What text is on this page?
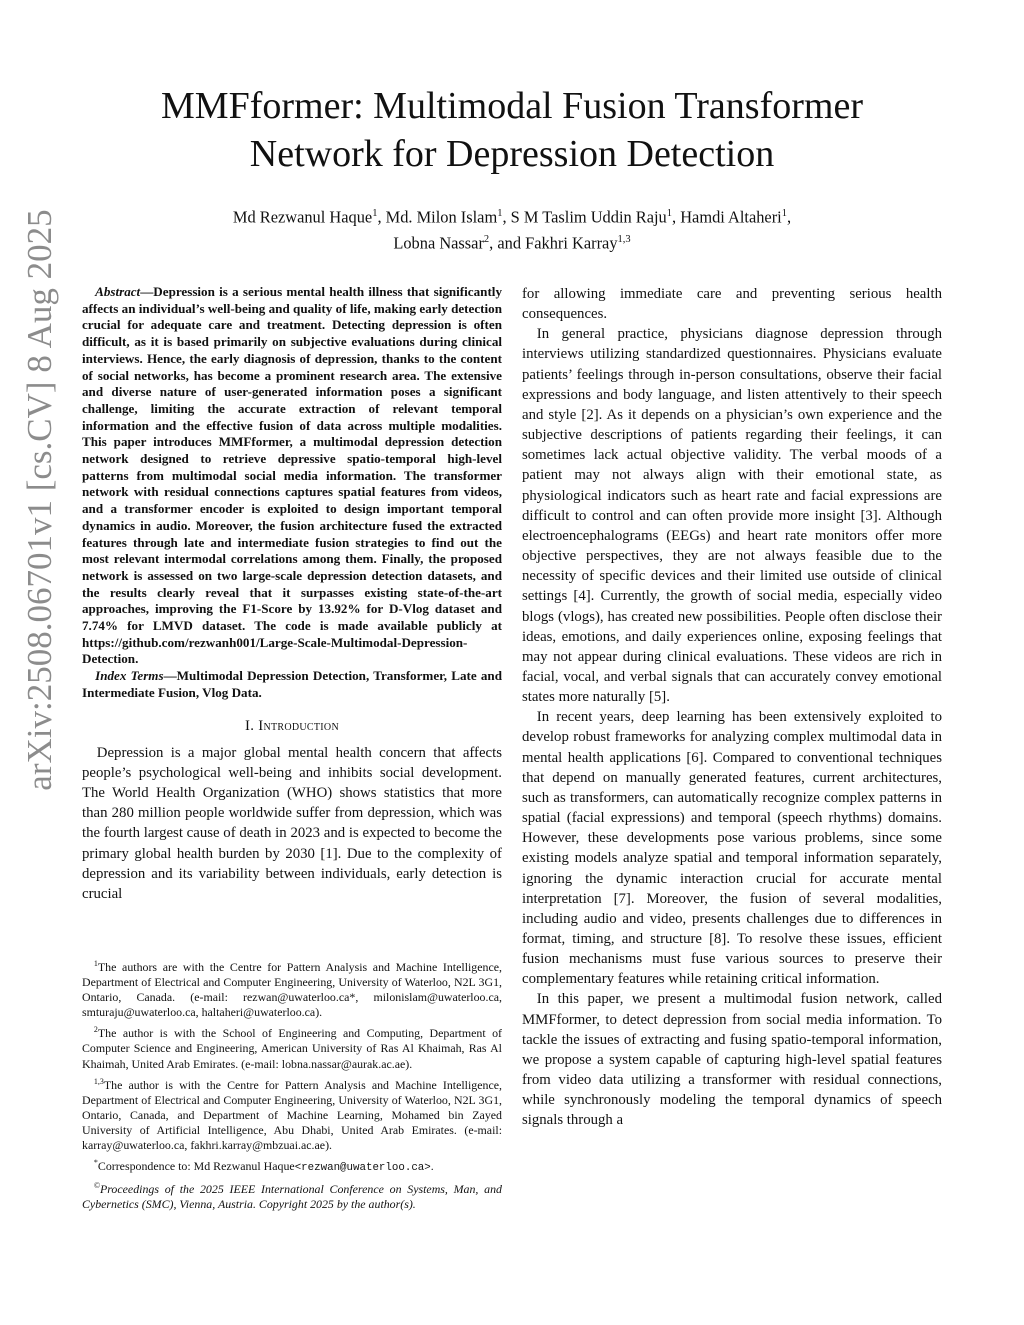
arXiv:2508.06701v1 [cs.CV] 8 Aug 2025
MMFformer: Multimodal Fusion Transformer
Network for Depression Detection
Md Rezwanul Haque$^1$, Md. Milon Islam$^1$, S M Taslim Uddin Raju$^1$, Hamdi Altaheri$^1$,
Lobna Nassar$^2$, and Fakhri Karray$^{1,3}$

Abstract—Depression is a serious mental health illness that significantly affects an individual’s well-being and quality of life, making early detection crucial for adequate care and treatment. Detecting depression is often difficult, as it is based primarily on subjective evaluations during clinical interviews. Hence, the early diagnosis of depression, thanks to the content of social networks, has become a prominent research area. The extensive and diverse nature of user-generated information poses a significant challenge, limiting the accurate extraction of relevant temporal information and the effective fusion of data across multiple modalities. This paper introduces MMFformer, a multimodal depression detection network designed to retrieve depressive spatio-temporal high-level patterns from multimodal social media information. The transformer network with residual connections captures spatial features from videos, and a transformer encoder is exploited to design important temporal dynamics in audio. Moreover, the fusion architecture fused the extracted features through late and intermediate fusion strategies to find out the most relevant intermodal correlations among them. Finally, the proposed network is assessed on two large-scale depression detection datasets, and the results clearly reveal that it surpasses existing state-of-the-art approaches, improving the F1-Score by 13.92% for D-Vlog dataset and 7.74% for LMVD dataset. The code is made available publicly at https://github.com/rezwanh001/Large-Scale-Multimodal-Depression-Detection.

Index Terms—Multimodal Depression Detection, Transformer, Late and Intermediate Fusion, Vlog Data.

I. Introduction

Depression is a major global mental health concern that affects people’s psychological well-being and inhibits social development. The World Health Organization (WHO) shows statistics that more than 280 million people worldwide suffer from depression, which was the fourth largest cause of death in 2023 and is expected to become the primary global health burden by 2030 [1]. Due to the complexity of depression and its variability between individuals, early detection is crucial

$^1$The authors are with the Centre for Pattern Analysis and Machine Intelligence, Department of Electrical and Computer Engineering, University of Waterloo, N2L 3G1, Ontario, Canada. (e-mail: rezwan@uwaterloo.ca*, milonislam@uwaterloo.ca, smturaju@uwaterloo.ca, haltaheri@uwaterloo.ca).

$^2$The author is with the School of Engineering and Computing, Department of Computer Science and Engineering, American University of Ras Al Khaimah, Ras Al Khaimah, United Arab Emirates. (e-mail: lobna.nassar@aurak.ac.ae).

$^{1,3}$The author is with the Centre for Pattern Analysis and Machine Intelligence, Department of Electrical and Computer Engineering, University of Waterloo, N2L 3G1, Ontario, Canada, and Department of Machine Learning, Mohamed bin Zayed University of Artificial Intelligence, Abu Dhabi, United Arab Emirates. (e-mail: karray@uwaterloo.ca, fakhri.karray@mbzuai.ac.ae).

*Correspondence to: Md Rezwanul Haque<rezwan@uwaterloo.ca>.

©Proceedings of the 2025 IEEE International Conference on Systems, Man, and Cybernetics (SMC), Vienna, Austria. Copyright 2025 by the author(s).

for allowing immediate care and preventing serious health consequences.

In general practice, physicians diagnose depression through interviews utilizing standardized questionnaires. Physicians evaluate patients’ feelings through in-person consultations, observe their facial expressions and body language, and listen attentively to their speech and style [2]. As it depends on a physician’s own experience and the subjective descriptions of patients regarding their feelings, it can sometimes lack actual objective validity. The verbal moods of a patient may not always align with their emotional state, as physiological indicators such as heart rate and facial expressions are difficult to control and can often provide more insight [3]. Although electroencephalograms (EEGs) and heart rate monitors offer more objective perspectives, they are not always feasible due to the necessity of specific devices and their limited use outside of clinical settings [4]. Currently, the growth of social media, especially video blogs (vlogs), has created new possibilities. People often disclose their ideas, emotions, and daily experiences online, exposing feelings that may not appear during clinical evaluations. These videos are rich in facial, vocal, and verbal signals that can accurately convey emotional states more naturally [5].

In recent years, deep learning has been extensively exploited to develop robust frameworks for analyzing complex multimodal data in mental health applications [6]. Compared to conventional techniques that depend on manually generated features, current architectures, such as transformers, can automatically recognize complex patterns in spatial (facial expressions) and temporal (speech rhythms) domains. However, these developments pose various problems, since some existing models analyze spatial and temporal information separately, ignoring the dynamic interaction crucial for accurate mental interpretation [7]. Moreover, the fusion of several modalities, including audio and video, presents challenges due to differences in format, timing, and structure [8]. To resolve these issues, efficient fusion mechanisms must fuse various sources to preserve their complementary features while retaining critical information.

In this paper, we present a multimodal fusion network, called MMFformer, to detect depression from social media information. To tackle the issues of extracting and fusing spatio-temporal information, we propose a system capable of capturing high-level spatial features from video data utilizing a transformer with residual connections, while synchronously modeling the temporal dynamics of speech signals through a
